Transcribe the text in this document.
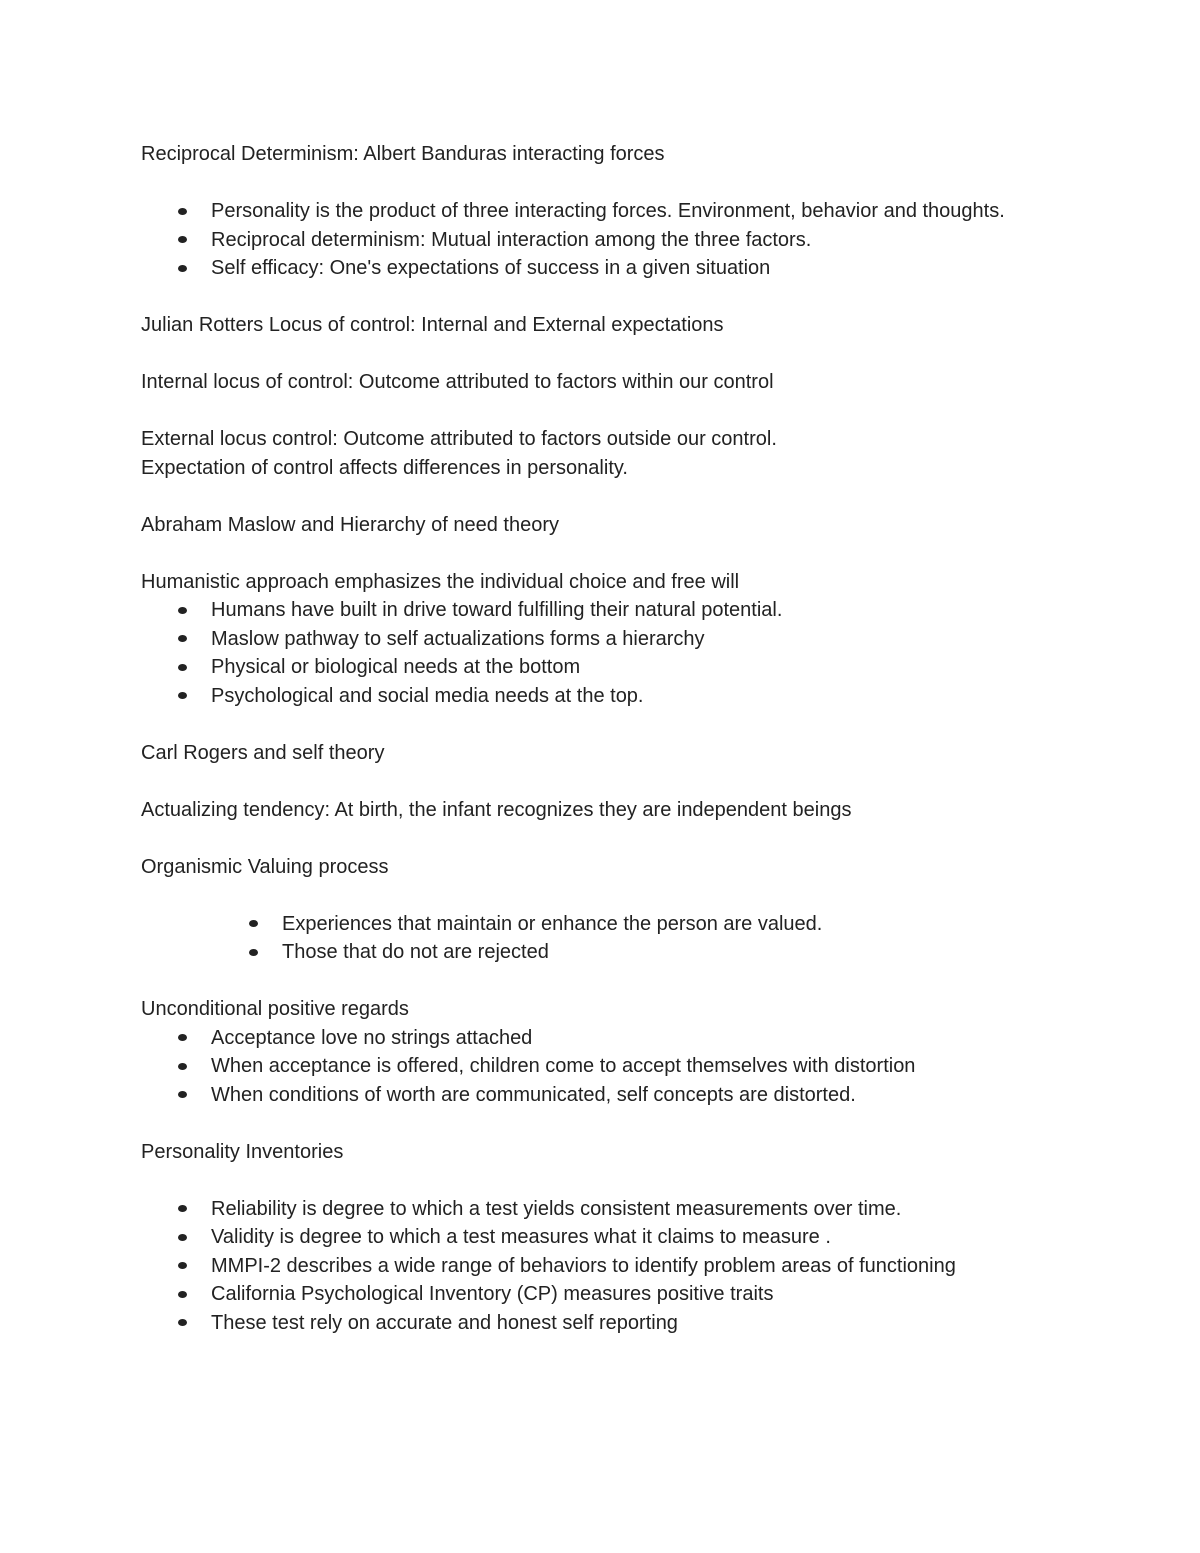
Reciprocal Determinism: Albert Banduras interacting forces

Personality is the product of three interacting forces. Environment, behavior and thoughts.
Reciprocal determinism: Mutual interaction among the three factors.
Self efficacy: One's expectations of success in a given situation

Julian Rotters Locus of control: Internal and External expectations

Internal locus of control: Outcome attributed to factors within our control

External locus control: Outcome attributed to factors outside our control.

Expectation of control affects differences in personality.

Abraham Maslow and Hierarchy of need theory

Humanistic approach emphasizes the individual choice and free will

Humans have built in drive toward fulfilling their natural potential.
Maslow pathway to self actualizations forms a hierarchy
Physical or biological needs at the bottom
Psychological and social media needs at the top.

Carl Rogers and self theory

Actualizing tendency: At birth, the infant recognizes they are independent beings

Organismic Valuing process

Experiences that maintain or enhance the person are valued.
Those that do not are rejected

Unconditional positive regards

Acceptance love no strings attached
When acceptance is offered, children come to accept themselves with distortion
When conditions of worth are communicated, self concepts are distorted.

Personality Inventories

Reliability is degree to which a test yields consistent measurements over time.
Validity is degree to which a test measures what it claims to measure .
MMPI-2 describes a wide range of behaviors to identify problem areas of functioning
California Psychological Inventory (CP) measures positive traits
These test rely on accurate and honest self reporting
